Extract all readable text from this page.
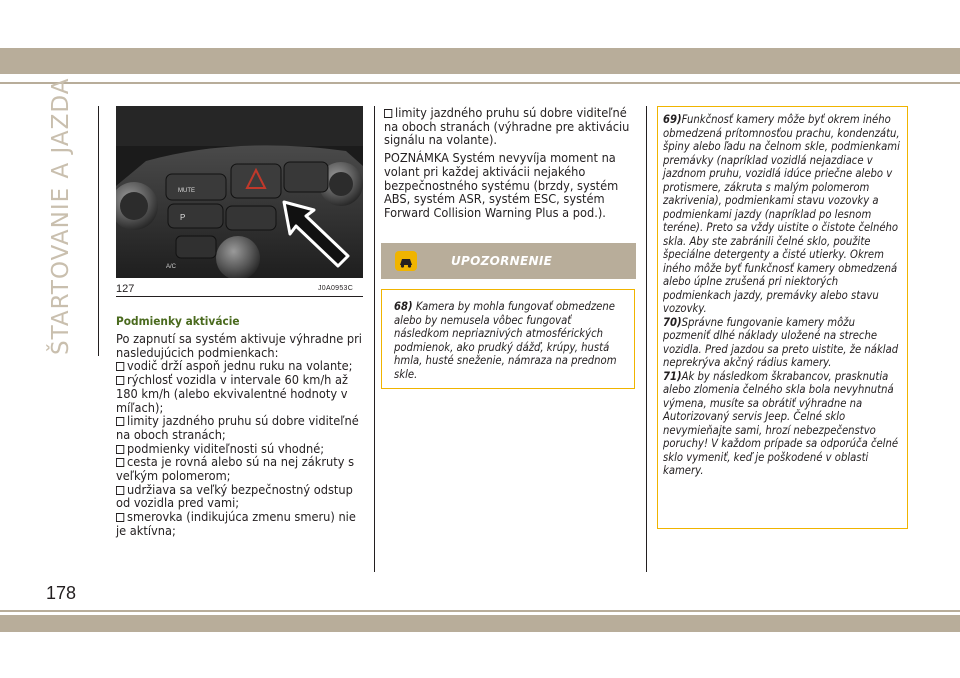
ŠTARTOVANIE A JAZDA
178
MUTE
P
A/C
127	J0A0953C
Podmienky aktivácie

Po zapnutí sa systém aktivuje výhradne pri nasledujúcich podmienkach:

vodič drží aspoň jednu ruku na volante;
rýchlosť vozidla v intervale 60 km/h až 180 km/h (alebo ekvivalentné hodnoty v míľach);
limity jazdného pruhu sú dobre viditeľné na oboch stranách;
podmienky viditeľnosti sú vhodné;
cesta je rovná alebo sú na nej zákruty s veľkým polomerom;
udržiava sa veľký bezpečnostný odstup od vozidla pred vami;
smerovka (indikujúca zmenu smeru) nie je aktívna;
limity jazdného pruhu sú dobre viditeľné na oboch stranách (výhradne pre aktiváciu signálu na volante).

POZNÁMKA Systém nevyvíja moment na volant pri každej aktivácii nejakého bezpečnostného systému (brzdy, systém ABS, systém ASR, systém ESC, systém Forward Collision Warning Plus a pod.).

UPOZORNENIE
68) Kamera by mohla fungovať obmedzene alebo by nemusela vôbec fungovať následkom nepriaznivých atmosférických podmienok, ako prudký dážď, krúpy, hustá hmla, husté sneženie, námraza na prednom skle.
69)Funkčnosť kamery môže byť okrem iného obmedzená prítomnosťou prachu, kondenzátu, špiny alebo ľadu na čelnom skle, podmienkami premávky (napríklad vozidlá nejazdiace v jazdnom pruhu, vozidlá idúce priečne alebo v protismere, zákruta s malým polomerom zakrivenia), podmienkami stavu vozovky a podmienkami jazdy (napríklad po lesnom teréne). Preto sa vždy uistite o čistote čelného skla. Aby ste zabránili čelné sklo, použite špeciálne detergenty a čisté utierky. Okrem iného môže byť funkčnosť kamery obmedzená alebo úplne zrušená pri niektorých podmienkach jazdy, premávky alebo stavu vozovky.
70)Správne fungovanie kamery môžu pozmeniť dlhé náklady uložené na streche vozidla. Pred jazdou sa preto uistite, že náklad neprekrýva akčný rádius kamery.
71)Ak by následkom škrabancov, prasknutia alebo zlomenia čelného skla bola nevyhnutná výmena, musíte sa obrátiť výhradne na Autorizovaný servis Jeep. Čelné sklo nevymieňajte sami, hrozí nebezpečenstvo poruchy! V každom prípade sa odporúča čelné sklo vymeniť, keď je poškodené v oblasti kamery.
